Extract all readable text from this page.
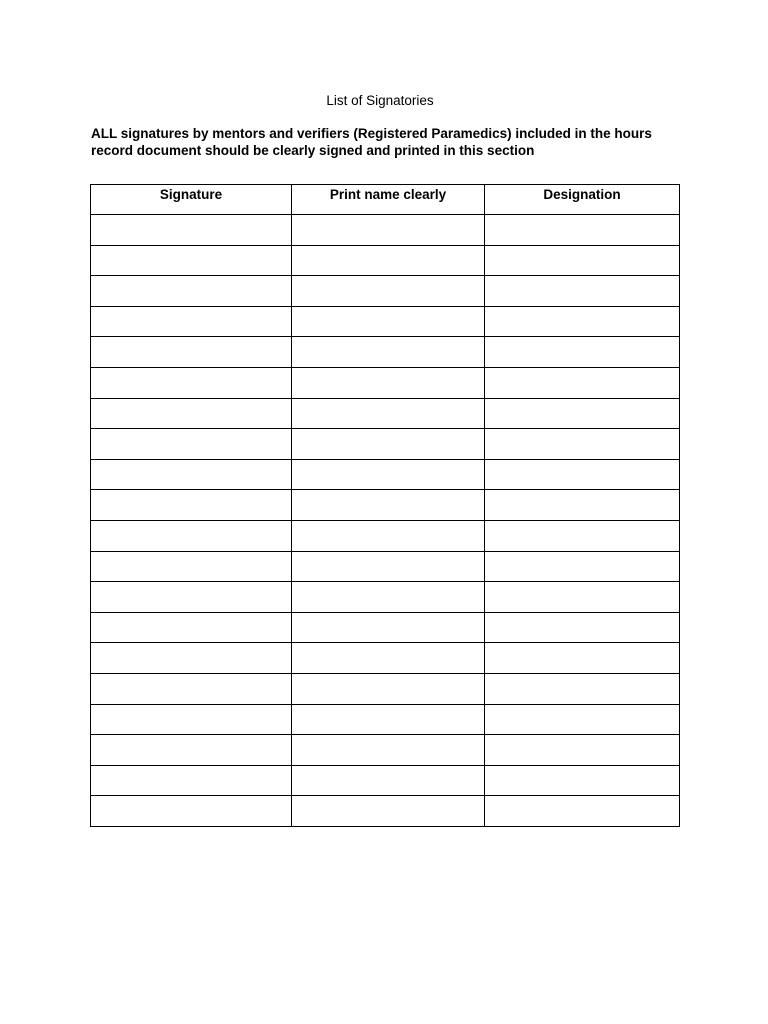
List of Signatories
ALL signatures by mentors and verifiers (Registered Paramedics) included in the hours
record document should be clearly signed and printed in this section
Signature	Print name clearly	Designation
